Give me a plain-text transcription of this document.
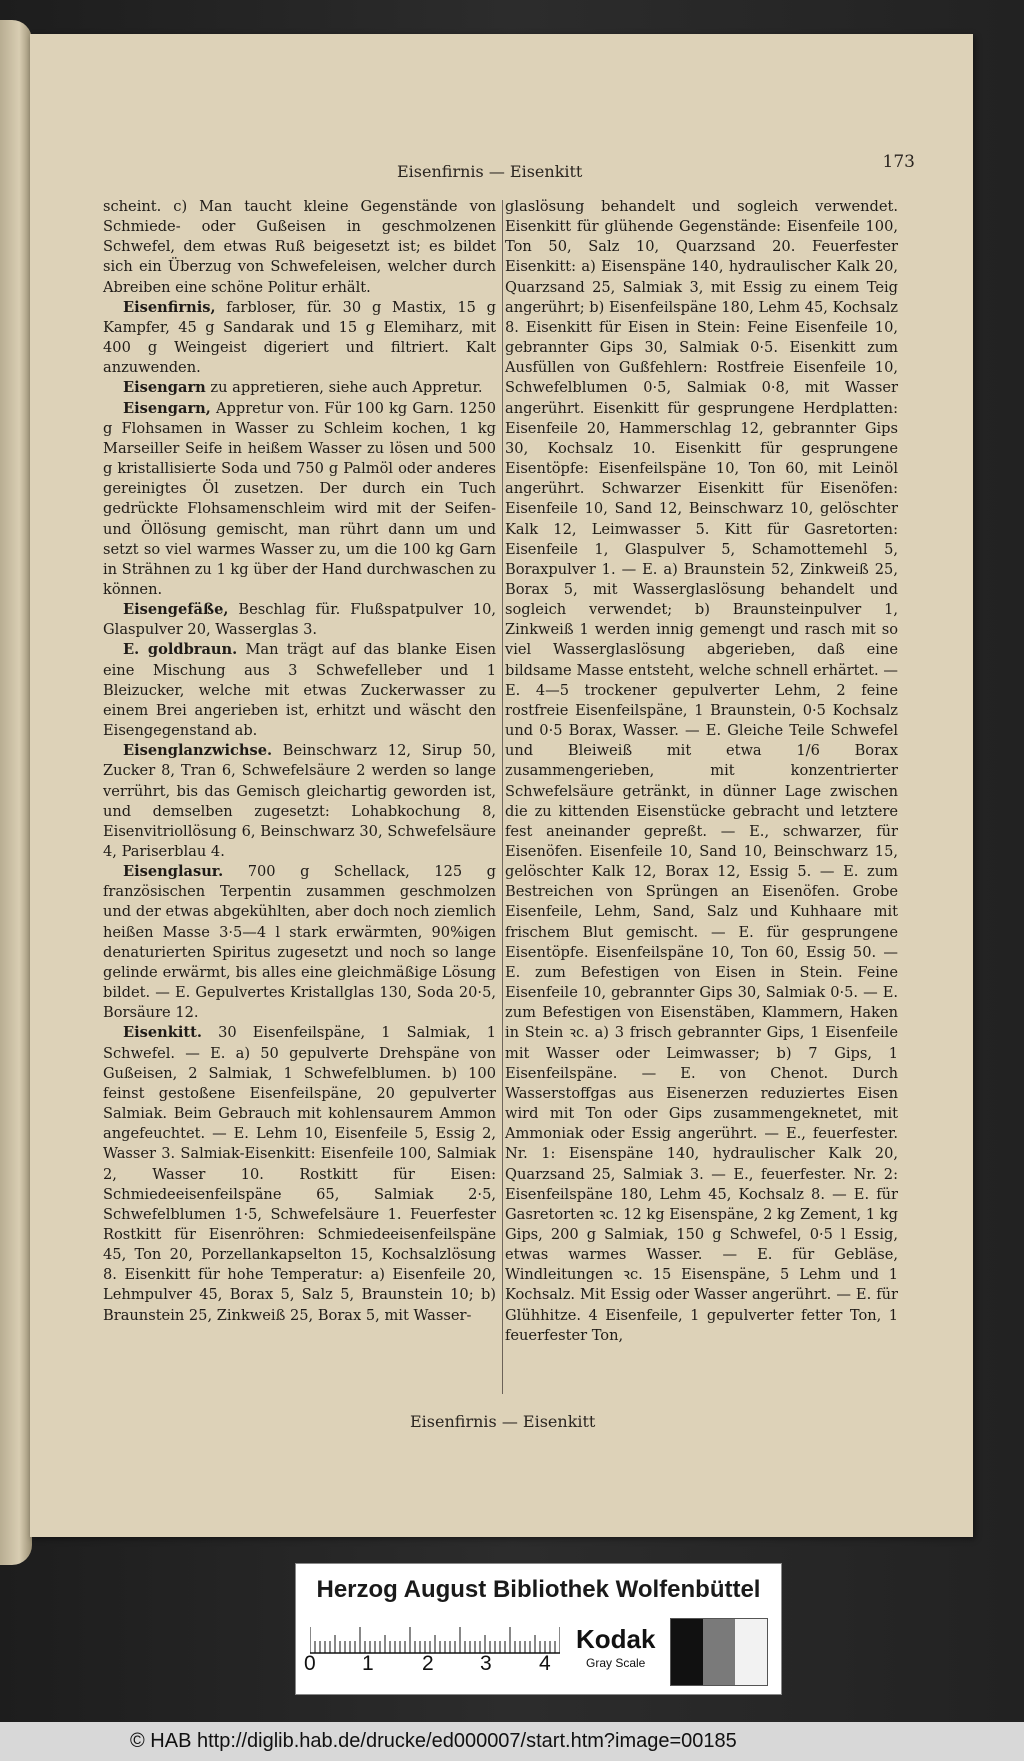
Eisenfirnis — Eisenkitt	173

scheint. c) Man taucht kleine Gegenstände von Schmiede- oder Gußeisen in geschmolzenen Schwefel, dem etwas Ruß beigesetzt ist; es bildet sich ein Überzug von Schwefeleisen, welcher durch Abreiben eine schöne Politur erhält.

Eisenfirnis, farbloser, für. 30 g Mastix, 15 g Kampfer, 45 g Sandarak und 15 g Elemiharz, mit 400 g Weingeist digeriert und filtriert. Kalt anzuwenden.

Eisengarn zu appretieren, siehe auch Appretur.

Eisengarn, Appretur von. Für 100 kg Garn. 1250 g Flohsamen in Wasser zu Schleim kochen, 1 kg Marseiller Seife in heißem Wasser zu lösen und 500 g kristallisierte Soda und 750 g Palmöl oder anderes gereinigtes Öl zusetzen. Der durch ein Tuch gedrückte Flohsamenschleim wird mit der Seifen- und Öllösung gemischt, man rührt dann um und setzt so viel warmes Wasser zu, um die 100 kg Garn in Strähnen zu 1 kg über der Hand durchwaschen zu können.

Eisengefäße, Beschlag für. Flußspatpulver 10, Glaspulver 20, Wasserglas 3.

E. goldbraun. Man trägt auf das blanke Eisen eine Mischung aus 3 Schwefelleber und 1 Bleizucker, welche mit etwas Zuckerwasser zu einem Brei angerieben ist, erhitzt und wäscht den Eisengegenstand ab.

Eisenglanzwichse. Beinschwarz 12, Sirup 50, Zucker 8, Tran 6, Schwefelsäure 2 werden so lange verrührt, bis das Gemisch gleichartig geworden ist, und demselben zugesetzt: Lohabkochung 8, Eisenvitriollösung 6, Beinschwarz 30, Schwefelsäure 4, Pariserblau 4.

Eisenglasur. 700 g Schellack, 125 g französischen Terpentin zusammen geschmolzen und der etwas abgekühlten, aber doch noch ziemlich heißen Masse 3·5—4 l stark erwärmten, 90%igen denaturierten Spiritus zugesetzt und noch so lange gelinde erwärmt, bis alles eine gleichmäßige Lösung bildet. — E. Gepulvertes Kristallglas 130, Soda 20·5, Borsäure 12.

Eisenkitt. 30 Eisenfeilspäne, 1 Salmiak, 1 Schwefel. — E. a) 50 gepulverte Drehspäne von Gußeisen, 2 Salmiak, 1 Schwefelblumen. b) 100 feinst gestoßene Eisenfeilspäne, 20 gepulverter Salmiak. Beim Gebrauch mit kohlensaurem Ammon angefeuchtet. — E. Lehm 10, Eisenfeile 5, Essig 2, Wasser 3. Salmiak-Eisenkitt: Eisenfeile 100, Salmiak 2, Wasser 10. Rostkitt für Eisen: Schmiedeeisenfeilspäne 65, Salmiak 2·5, Schwefelblumen 1·5, Schwefelsäure 1. Feuerfester Rostkitt für Eisenröhren: Schmiedeeisenfeilspäne 45, Ton 20, Porzellankapselton 15, Kochsalzlösung 8. Eisenkitt für hohe Temperatur: a) Eisenfeile 20, Lehmpulver 45, Borax 5, Salz 5, Braunstein 10; b) Braunstein 25, Zinkweiß 25, Borax 5, mit Wasser-

glaslösung behandelt und sogleich verwendet. Eisenkitt für glühende Gegenstände: Eisenfeile 100, Ton 50, Salz 10, Quarzsand 20. Feuerfester Eisenkitt: a) Eisenspäne 140, hydraulischer Kalk 20, Quarzsand 25, Salmiak 3, mit Essig zu einem Teig angerührt; b) Eisenfeilspäne 180, Lehm 45, Kochsalz 8. Eisenkitt für Eisen in Stein: Feine Eisenfeile 10, gebrannter Gips 30, Salmiak 0·5. Eisenkitt zum Ausfüllen von Gußfehlern: Rostfreie Eisenfeile 10, Schwefelblumen 0·5, Salmiak 0·8, mit Wasser angerührt. Eisenkitt für gesprungene Herdplatten: Eisenfeile 20, Hammerschlag 12, gebrannter Gips 30, Kochsalz 10. Eisenkitt für gesprungene Eisentöpfe: Eisenfeilspäne 10, Ton 60, mit Leinöl angerührt. Schwarzer Eisenkitt für Eisenöfen: Eisenfeile 10, Sand 12, Beinschwarz 10, gelöschter Kalk 12, Leimwasser 5. Kitt für Gasretorten: Eisenfeile 1, Glaspulver 5, Schamottemehl 5, Boraxpulver 1. — E. a) Braunstein 52, Zinkweiß 25, Borax 5, mit Wasserglaslösung behandelt und sogleich verwendet; b) Braunsteinpulver 1, Zinkweiß 1 werden innig gemengt und rasch mit so viel Wasserglaslösung abgerieben, daß eine bildsame Masse entsteht, welche schnell erhärtet. — E. 4—5 trockener gepulverter Lehm, 2 feine rostfreie Eisenfeilspäne, 1 Braunstein, 0·5 Kochsalz und 0·5 Borax, Wasser. — E. Gleiche Teile Schwefel und Bleiweiß mit etwa 1/6 Borax zusammengerieben, mit konzentrierter Schwefelsäure getränkt, in dünner Lage zwischen die zu kittenden Eisenstücke gebracht und letztere fest aneinander gepreßt. — E., schwarzer, für Eisenöfen. Eisenfeile 10, Sand 10, Beinschwarz 15, gelöschter Kalk 12, Borax 12, Essig 5. — E. zum Bestreichen von Sprüngen an Eisenöfen. Grobe Eisenfeile, Lehm, Sand, Salz und Kuhhaare mit frischem Blut gemischt. — E. für gesprungene Eisentöpfe. Eisenfeilspäne 10, Ton 60, Essig 50. — E. zum Befestigen von Eisen in Stein. Feine Eisenfeile 10, gebrannter Gips 30, Salmiak 0·5. — E. zum Befestigen von Eisenstäben, Klammern, Haken in Stein ꝛc. a) 3 frisch gebrannter Gips, 1 Eisenfeile mit Wasser oder Leimwasser; b) 7 Gips, 1 Eisenfeilspäne. — E. von Chenot. Durch Wasserstoffgas aus Eisenerzen reduziertes Eisen wird mit Ton oder Gips zusammengeknetet, mit Ammoniak oder Essig angerührt. — E., feuerfester. Nr. 1: Eisenspäne 140, hydraulischer Kalk 20, Quarzsand 25, Salmiak 3. — E., feuerfester. Nr. 2: Eisenfeilspäne 180, Lehm 45, Kochsalz 8. — E. für Gasretorten ꝛc. 12 kg Eisenspäne, 2 kg Zement, 1 kg Gips, 200 g Salmiak, 150 g Schwefel, 0·5 l Essig, etwas warmes Wasser. — E. für Gebläse, Windleitungen ꝛc. 15 Eisenspäne, 5 Lehm und 1 Kochsalz. Mit Essig oder Wasser angerührt. — E. für Glühhitze. 4 Eisenfeile, 1 gepulverter fetter Ton, 1 feuerfester Ton,

Eisenfirnis — Eisenkitt
Herzog August Bibliothek Wolfenbüttel
0 1 2 3 4
Kodak
Gray Scale
© HAB http://diglib.hab.de/drucke/ed000007/start.htm?image=00185
